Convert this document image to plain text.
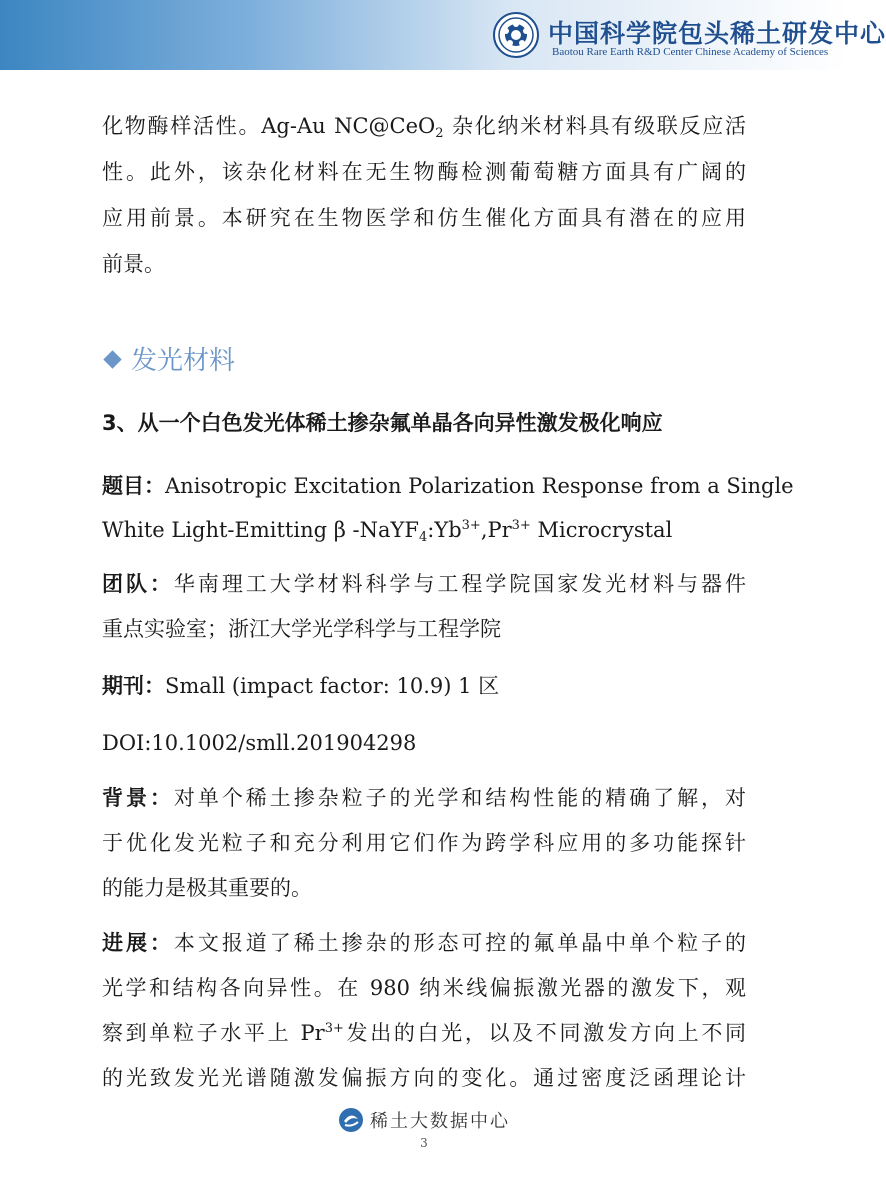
中国科学院包头稀土研发中心
Baotou Rare Earth R&D Center Chinese Academy of Sciences
化物酶样活性。Ag-Au NC@CeO$_2$ 杂化纳米材料具有级联反应活
性。此外，该杂化材料在无生物酶检测葡萄糖方面具有广阔的
应用前景。本研究在生物医学和仿生催化方面具有潜在的应用
前景。
发光材料
3、从一个白色发光体稀土掺杂氟单晶各向异性激发极化响应
题目：Anisotropic Excitation Polarization Response from a Single
White Light-Emitting β $-NaYF_4:Yb^{3+},Pr^{3+}$ Microcrystal
团队：华南理工大学材料科学与工程学院国家发光材料与器件
重点实验室；浙江大学光学科学与工程学院
期刊：Small (impact factor: 10.9) 1 区
DOI:10.1002/smll.201904298
背景：对单个稀土掺杂粒子的光学和结构性能的精确了解，对
于优化发光粒子和充分利用它们作为跨学科应用的多功能探针
的能力是极其重要的。
进展：本文报道了稀土掺杂的形态可控的氟单晶中单个粒子的
光学和结构各向异性。在 980 纳米线偏振激光器的激发下，观
察到单粒子水平上 $Pr^{3+}$发出的白光，以及不同激发方向上不同
的光致发光光谱随激发偏振方向的变化。通过密度泛函理论计
稀土大数据中心
3
